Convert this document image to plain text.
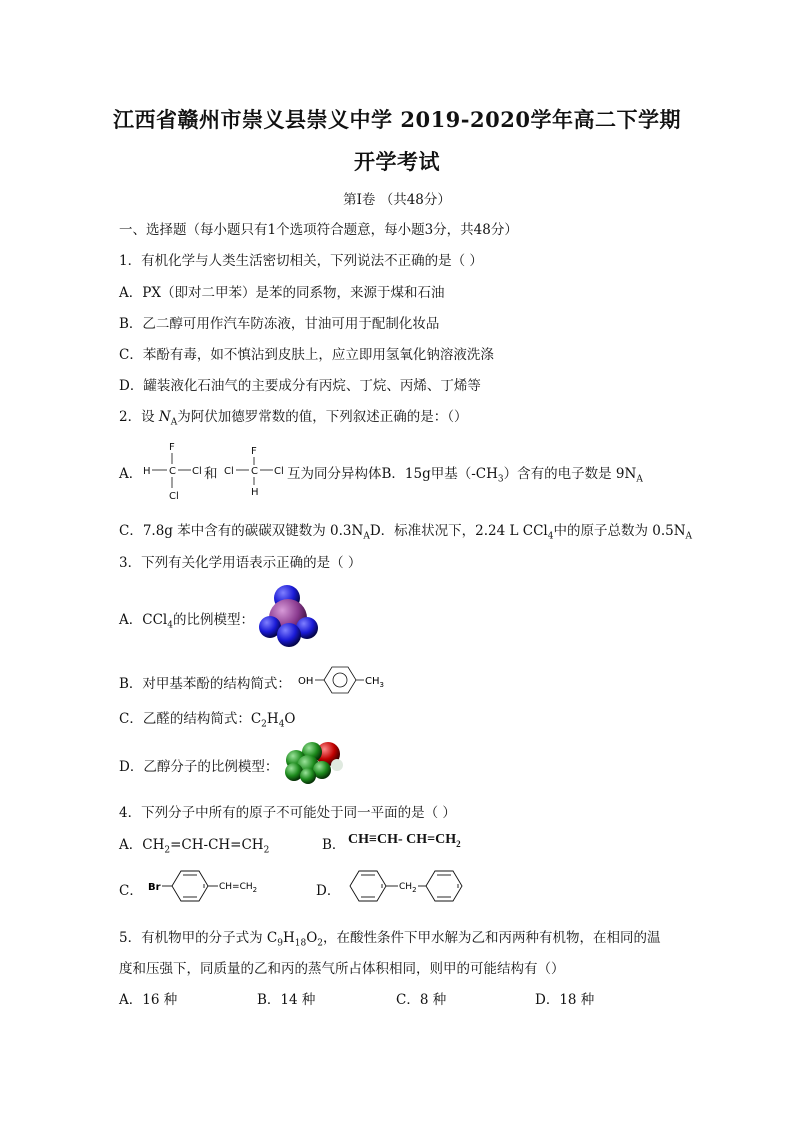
江西省赣州市崇义县崇义中学 2019-2020学年高二下学期
开学考试
第Ⅰ卷 （共48分）
一、选择题（每小题只有1个选项符合题意，每小题3分，共48分）
1．有机化学与人类生活密切相关，下列说法不正确的是（ ）
A．PX（即对二甲苯）是苯的同系物，来源于煤和石油
B．乙二醇可用作汽车防冻液，甘油可用于配制化妆品
C．苯酚有毒，如不慎沾到皮肤上，应立即用氢氧化钠溶液洗涤
D．罐装液化石油气的主要成分有丙烷、丁烷、丙烯、丁烯等
2．设 $N_A$为阿伏加德罗常数的值，下列叙述正确的是：（）
A．
F
H C Cl
Cl
F
Cl C Cl
H
和	互为同分异构体B．15g甲基$(-CH_3)$含有的电子数是 $9N_A$
C．7.8g 苯中含有的碳碳双键数为 $0.3N_AD$．标准状况下，2.24 L CCl$_4$中的原子总数为 $0.5N_A$
3．下列有关化学用语表示正确的是（ ）
A．CCl$_4$的比例模型：
B．对甲基苯酚的结构简式： OH	$CH_3$
C．乙醛的结构简式：$C_2H_4O$
D．乙醇分子的比例模型：
4．下列分子中所有的原子不可能处于同一平面的是（ ）
A．$CH_2=CH-CH=CH_2$	B． CH≡CH- $CH=CH_2$
C． Br	$CH=CH_2$	D．	$CH_2$
5．有机物甲的分子式为 $C_9H_{18}O_2$，在酸性条件下甲水解为乙和丙两种有机物，在相同的温
度和压强下，同质量的乙和丙的蒸气所占体积相同，则甲的可能结构有（）
A．16 种	B．14 种	C．8 种	D．18 种
